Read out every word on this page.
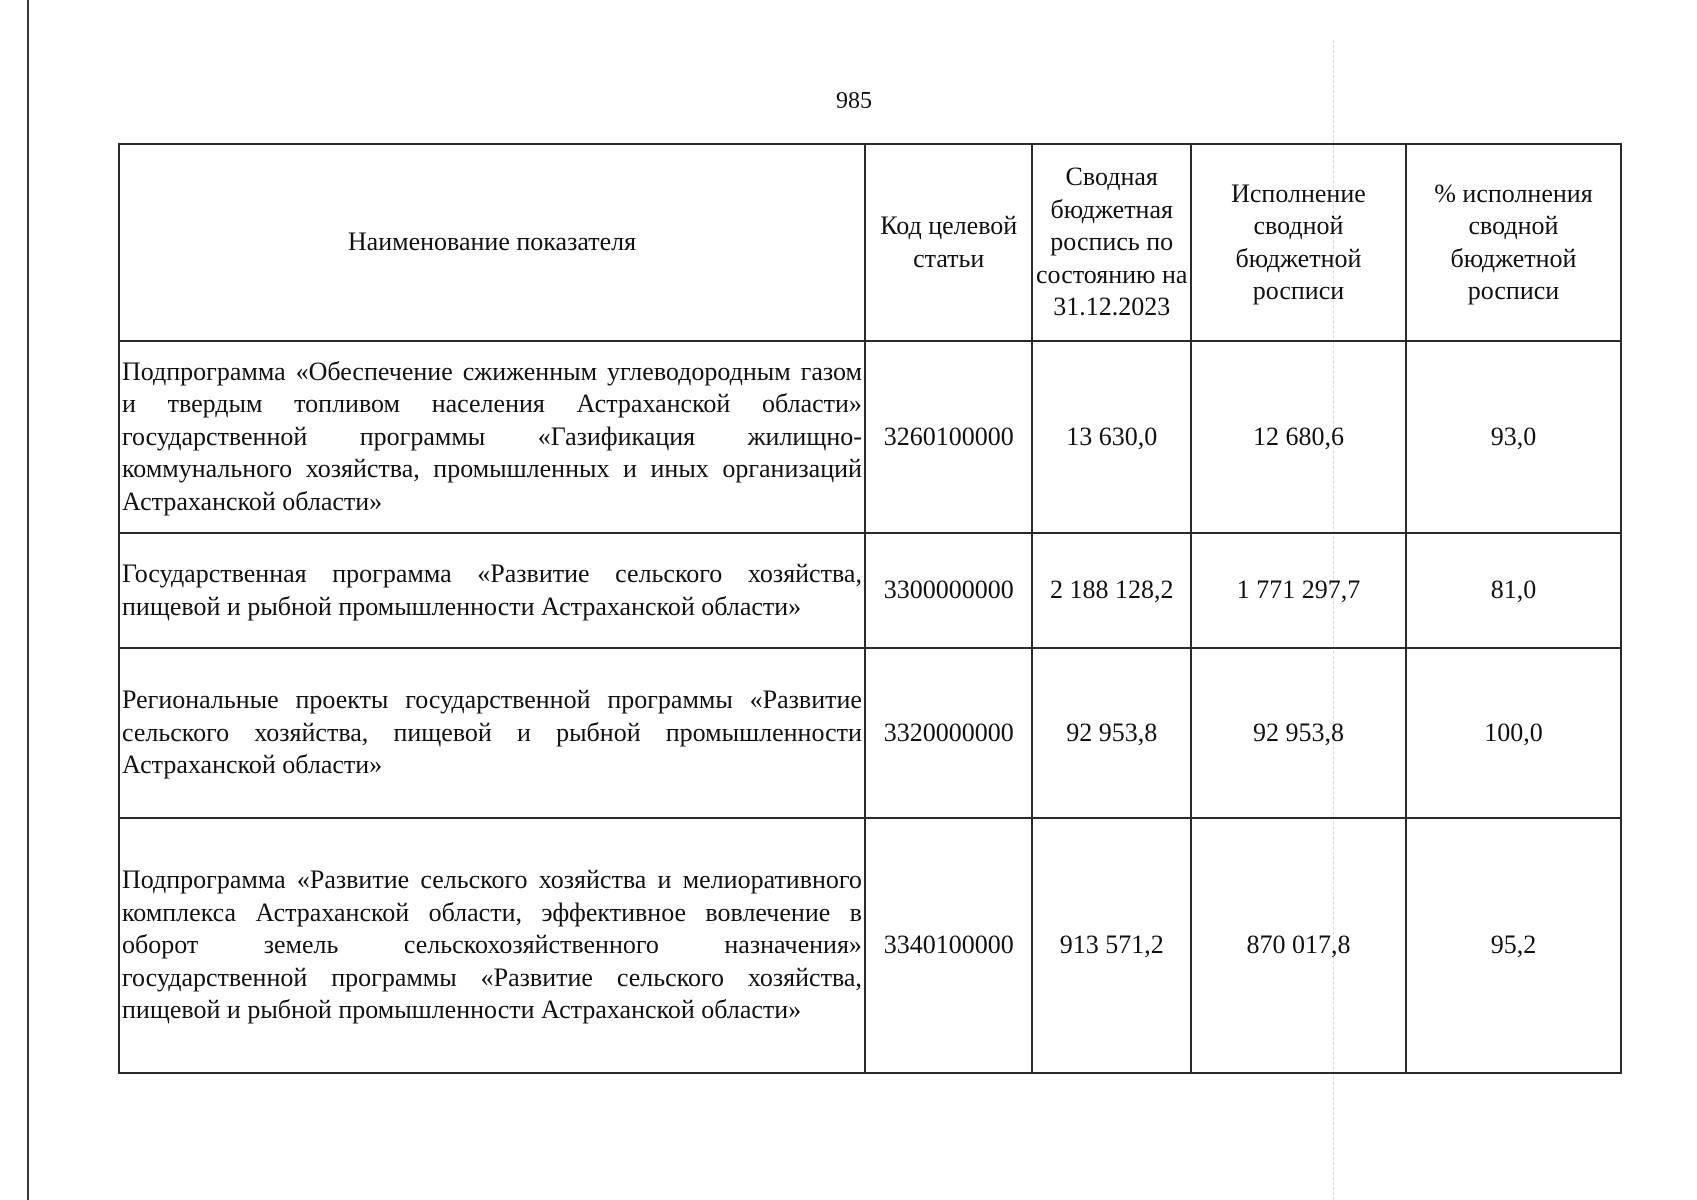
985
Наименование показателя	Код целевой статьи	Сводная бюджетная роспись по состоянию на 31.12.2023	Исполнение сводной бюджетной росписи	% исполнения сводной бюджетной росписи
Подпрограмма «Обеспечение сжиженным углеводородным газом и твердым топливом населения Астраханской области» государственной программы «Газификация жилищно-коммунального хозяйства, промышленных и иных организаций Астраханской области»	3260100000	13 630,0	12 680,6	93,0
Государственная программа «Развитие сельского хозяйства, пищевой и рыбной промышленности Астраханской области»	3300000000	2 188 128,2	1 771 297,7	81,0
Региональные проекты государственной программы «Развитие сельского хозяйства, пищевой и рыбной промышленности Астраханской области»	3320000000	92 953,8	92 953,8	100,0
Подпрограмма «Развитие сельского хозяйства и мелиоративного комплекса Астраханской области, эффективное вовлечение в оборот земель сельскохозяйственного назначения» государственной программы «Развитие сельского хозяйства, пищевой и рыбной промышленности Астраханской области»	3340100000	913 571,2	870 017,8	95,2
